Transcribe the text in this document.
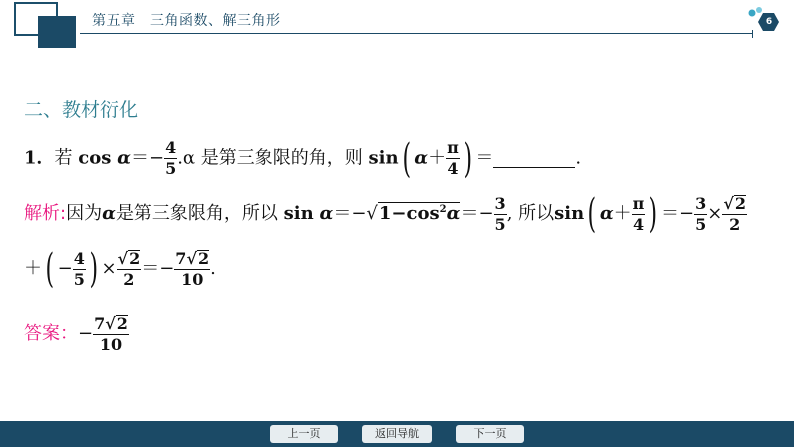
第五章　三角函数、解三角形	6
二、教材衍化
1．若 $\cos \alpha=- \frac{4}{5} .\alpha$ 是第三象限的角，则 sin( $\alpha+ \frac{\pi}{4}$ ) ＝	.
解析:因为α是第三象限角，所以 $\sin \alpha=-√1-\cos^2\alpha=- \frac{3}{5}$ , 所以sin( $\alpha+ \frac{\pi}{4}$ ) ＝− $\frac{3}{5} \times \frac{√2}{2}$
＋( − $\frac{4}{5}$ ) × $\frac{√2}{2} =- \frac{7√2}{10}$ .
答案：− $\frac{7√2}{10}$
上一页	返回导航	下一页
